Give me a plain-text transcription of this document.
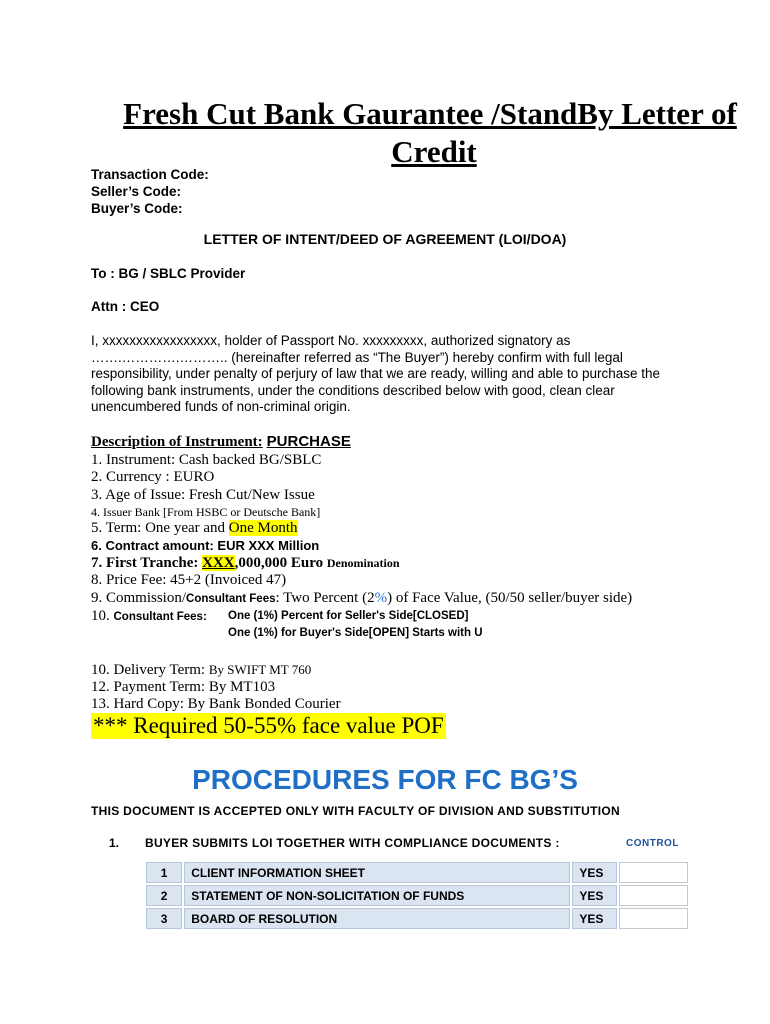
Fresh Cut Bank Gaurantee /StandBy Letter of
Credit
Transaction Code:
Seller’s Code:
Buyer’s Code:
LETTER OF INTENT/DEED OF AGREEMENT (LOI/DOA)
To : BG / SBLC Provider
Attn : CEO
I, xxxxxxxxxxxxxxxxx, holder of Passport No. xxxxxxxxx, authorized signatory as
…….………….……….. (hereinafter referred as “The Buyer”) hereby confirm with full legal
responsibility, under penalty of perjury of law that we are ready, willing and able to purchase the
following bank instruments, under the conditions described below with good, clean clear
unencumbered funds of non-criminal origin.
Description of Instrument: PURCHASE
1. Instrument: Cash backed BG/SBLC
2. Currency : EURO
3. Age of Issue: Fresh Cut/New Issue
4. Issuer Bank [From HSBC or Deutsche Bank]
5. Term: One year and One Month
6. Contract amount: EUR XXX Million
7. First Tranche: XXX,000,000 Euro Denomination
8. Price Fee: 45+2 (Invoiced 47)
9. Commission/Consultant Fees: Two Percent (2%) of Face Value, (50/50 seller/buyer side)
10. Consultant Fees: One (1%) Percent for Seller's Side[CLOSED]
One (1%) for Buyer's Side[OPEN] Starts with U
10. Delivery Term: By SWIFT MT 760
12. Payment Term: By MT103
13. Hard Copy: By Bank Bonded Courier
*** Required 50-55% face value POF
PROCEDURES FOR FC BG’S
THIS DOCUMENT IS ACCEPTED ONLY WITH FACULTY OF DIVISION AND SUBSTITUTION
1. BUYER SUBMITS LOI TOGETHER WITH COMPLIANCE DOCUMENTS :	CONTROL
1	CLIENT INFORMATION SHEET	YES	
2	STATEMENT OF NON-SOLICITATION OF FUNDS	YES	
3	BOARD OF RESOLUTION	YES	
